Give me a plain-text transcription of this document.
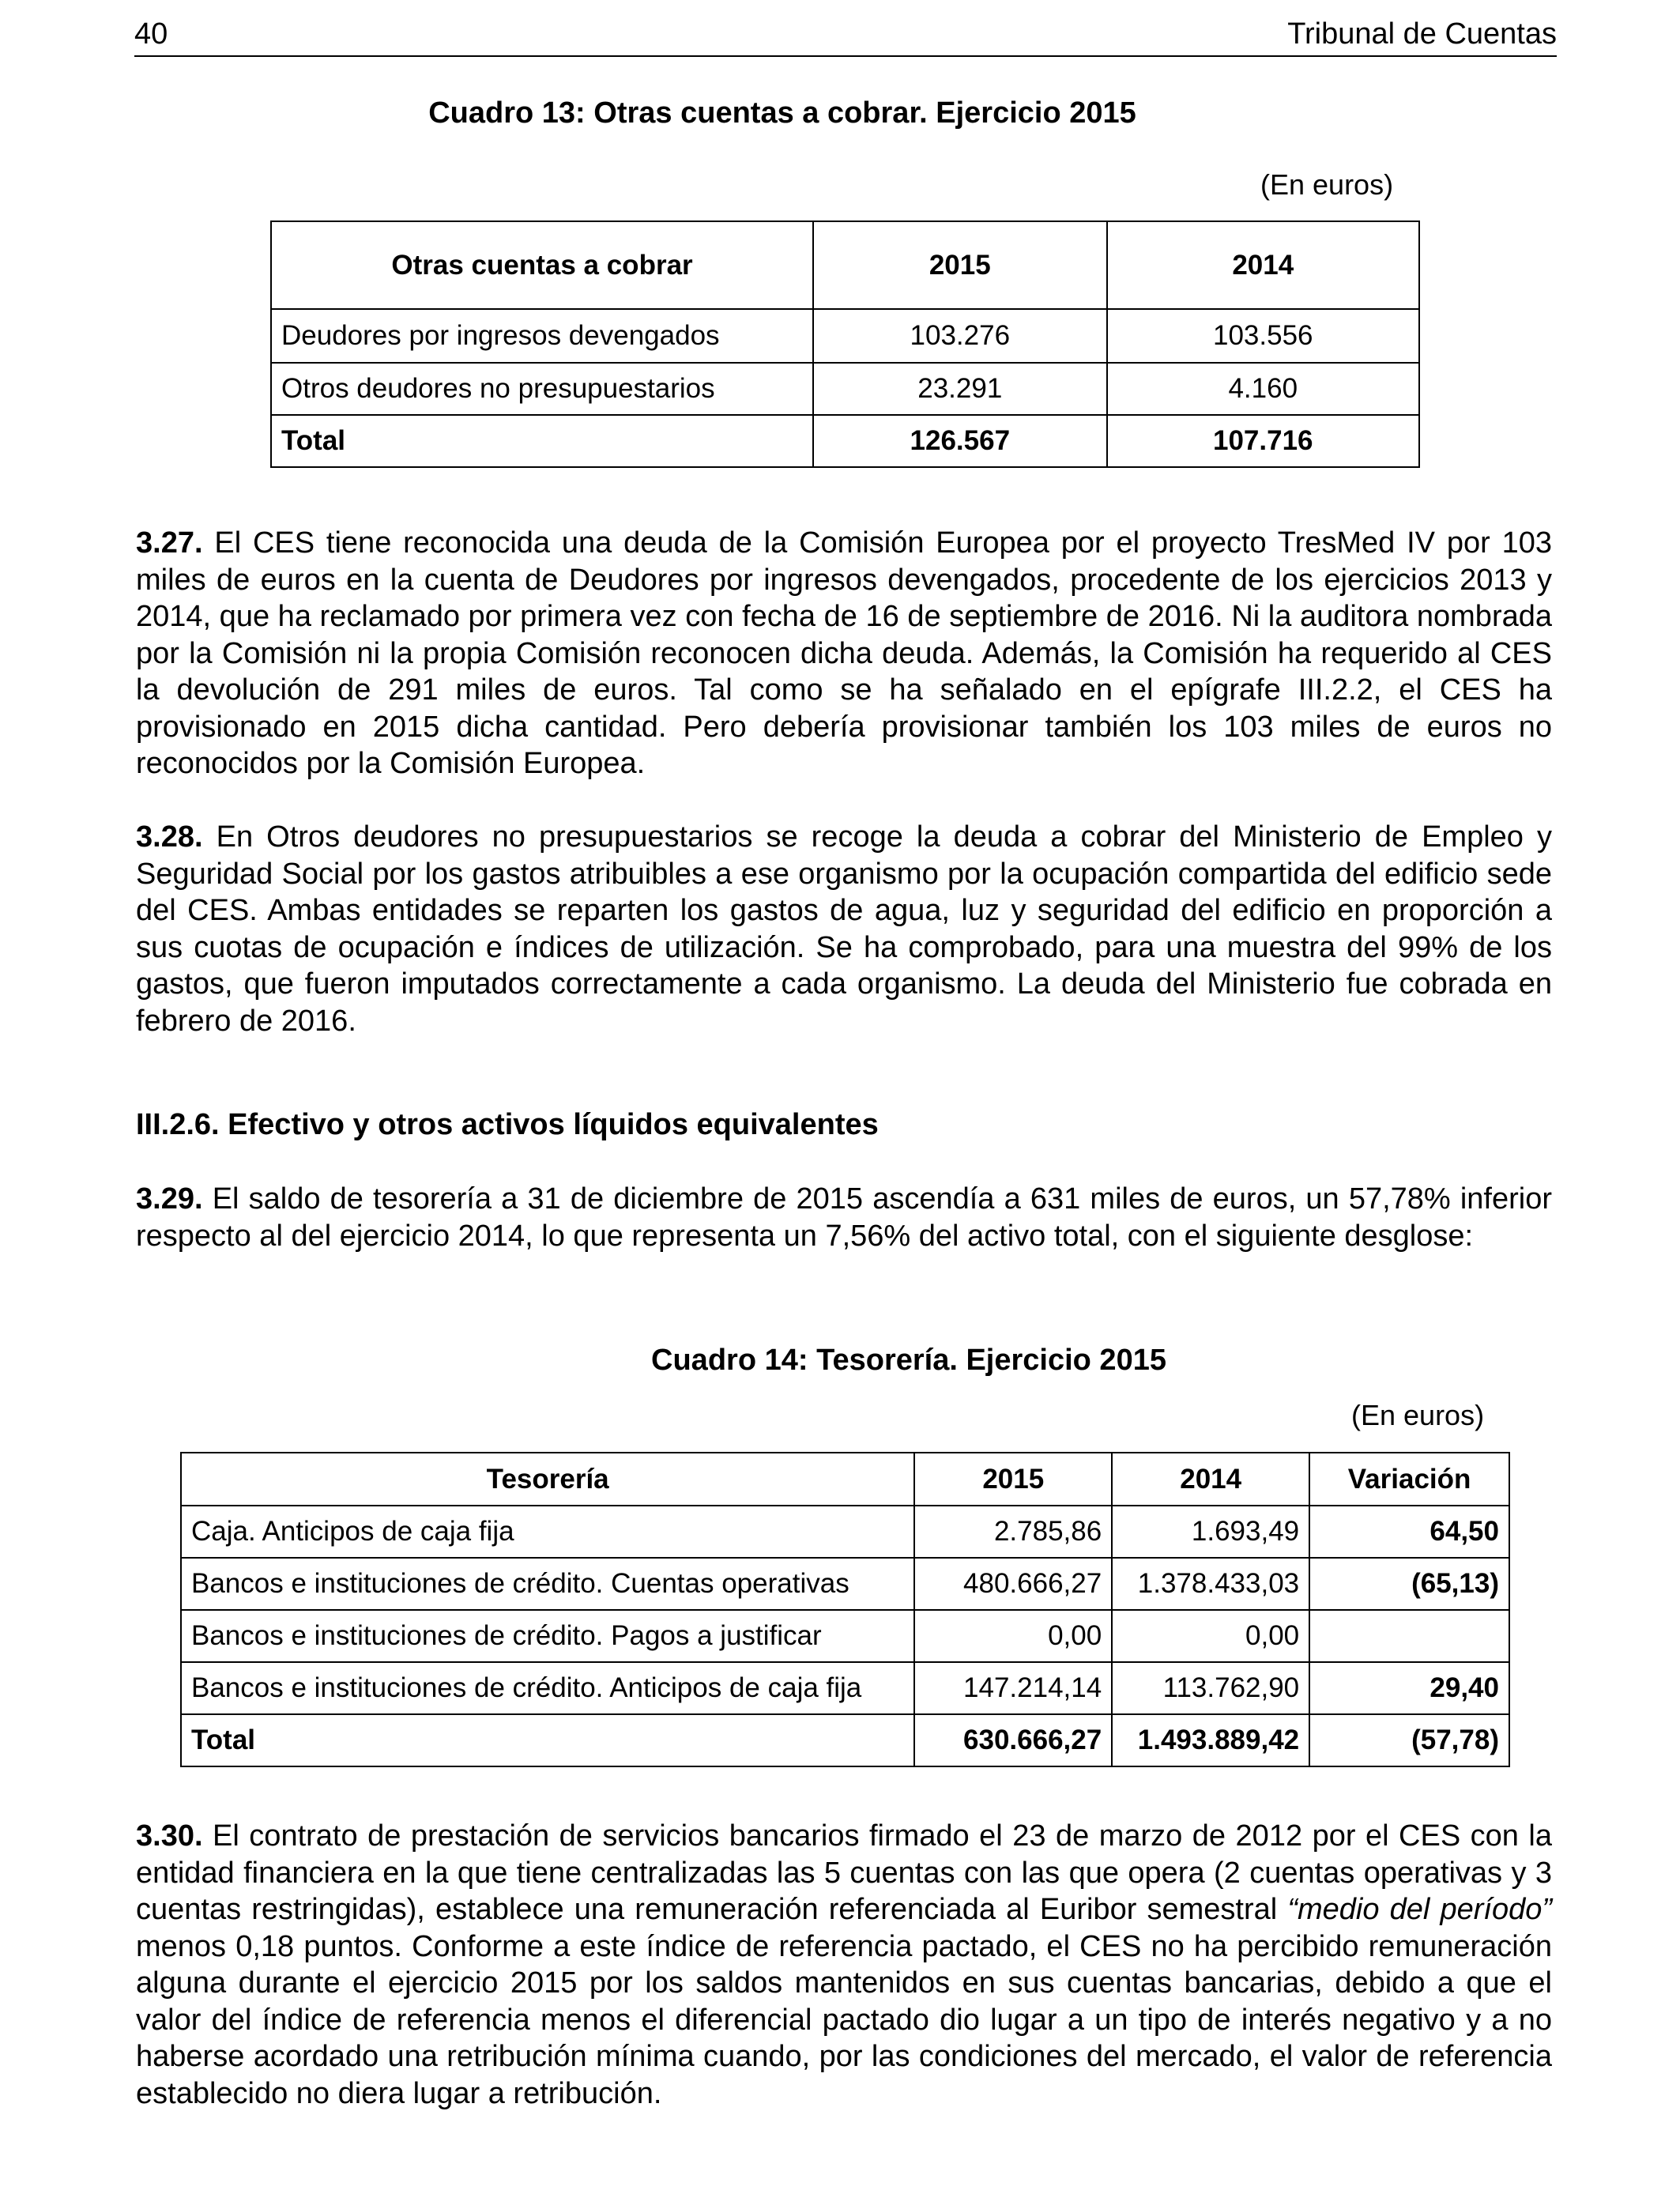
40	Tribunal de Cuentas
Cuadro 13: Otras cuentas a cobrar. Ejercicio 2015
(En euros)
Otras cuentas a cobrar	2015	2014
Deudores por ingresos devengados	103.276	103.556
Otros deudores no presupuestarios	23.291	4.160
Total	126.567	107.716
3.27. El CES tiene reconocida una deuda de la Comisión Europea por el proyecto TresMed IV por 103 miles de euros en la cuenta de Deudores por ingresos devengados, procedente de los ejercicios 2013 y 2014, que ha reclamado por primera vez con fecha de 16 de septiembre de 2016. Ni la auditora nombrada por la Comisión ni la propia Comisión reconocen dicha deuda. Además, la Comisión ha requerido al CES la devolución de 291 miles de euros. Tal como se ha señalado en el epígrafe III.2.2, el CES ha provisionado en 2015 dicha cantidad. Pero debería provisionar también los 103 miles de euros no reconocidos por la Comisión Europea.
3.28. En Otros deudores no presupuestarios se recoge la deuda a cobrar del Ministerio de Empleo y Seguridad Social por los gastos atribuibles a ese organismo por la ocupación compartida del edificio sede del CES. Ambas entidades se reparten los gastos de agua, luz y seguridad del edificio en proporción a sus cuotas de ocupación e índices de utilización. Se ha comprobado, para una muestra del 99% de los gastos, que fueron imputados correctamente a cada organismo. La deuda del Ministerio fue cobrada en febrero de 2016.
III.2.6. Efectivo y otros activos líquidos equivalentes
3.29. El saldo de tesorería a 31 de diciembre de 2015 ascendía a 631 miles de euros, un 57,78% inferior respecto al del ejercicio 2014, lo que representa un 7,56% del activo total, con el siguiente desglose:
Cuadro 14: Tesorería. Ejercicio 2015
(En euros)
Tesorería	2015	2014	Variación
Caja. Anticipos de caja fija	2.785,86	1.693,49	64,50
Bancos e instituciones de crédito. Cuentas operativas	480.666,27	1.378.433,03	(65,13)
Bancos e instituciones de crédito. Pagos a justificar	0,00	0,00	
Bancos e instituciones de crédito. Anticipos de caja fija	147.214,14	113.762,90	29,40
Total	630.666,27	1.493.889,42	(57,78)
3.30. El contrato de prestación de servicios bancarios firmado el 23 de marzo de 2012 por el CES con la entidad financiera en la que tiene centralizadas las 5 cuentas con las que opera (2 cuentas operativas y 3 cuentas restringidas), establece una remuneración referenciada al Euribor semestral “medio del período” menos 0,18 puntos. Conforme a este índice de referencia pactado, el CES no ha percibido remuneración alguna durante el ejercicio 2015 por los saldos mantenidos en sus cuentas bancarias, debido a que el valor del índice de referencia menos el diferencial pactado dio lugar a un tipo de interés negativo y a no haberse acordado una retribución mínima cuando, por las condiciones del mercado, el valor de referencia establecido no diera lugar a retribución.
